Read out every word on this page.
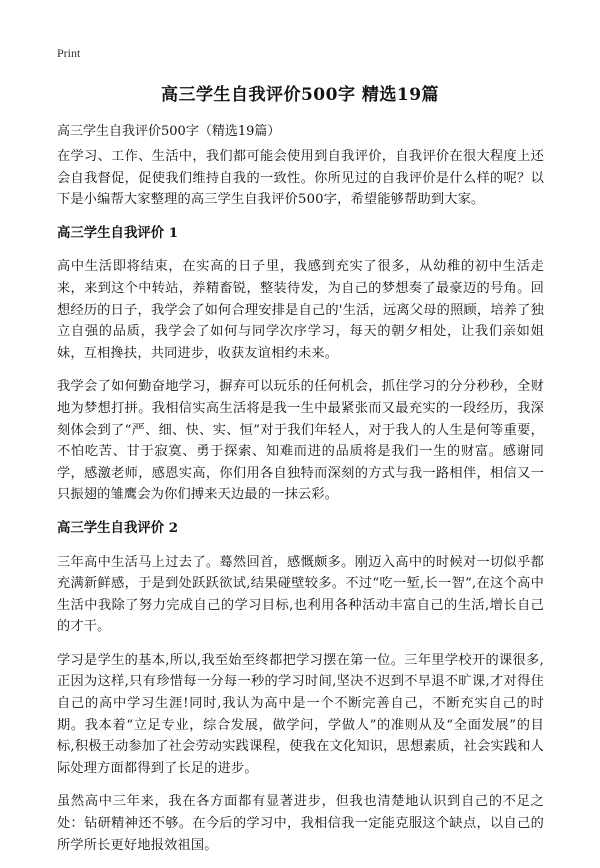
Print
高三学生自我评价500字 精选19篇

高三学生自我评价500字（精选19篇）

在学习、工作、生活中，我们都可能会使用到自我评价，自我评价在很大程度上还会自我督促，促使我们维持自我的一致性。你所见过的自我评价是什么样的呢？以下是小编帮大家整理的高三学生自我评价500字，希望能够帮助到大家。

高三学生自我评价 1

高中生活即将结束，在实高的日子里，我感到充实了很多，从幼稚的初中生活走来，来到这个中转站，养精畜锐，整装待发，为自己的梦想奏了最豪迈的号角。回想经历的日子，我学会了如何合理安排是自己的'生活，远离父母的照顾，培养了独立自强的品质，我学会了如何与同学次序学习，每天的朝夕相处，让我们亲如姐妹，互相搀扶，共同进步，收获友谊相约未来。

我学会了如何勤奋地学习，摒弃可以玩乐的任何机会，抓住学习的分分秒秒，全财地为梦想打拼。我相信实高生活将是我一生中最紧张而又最充实的一段经历，我深刻体会到了“严、细、快、实、恒”对于我们年轻人，对于我人的人生是何等重要，不怕吃苦、甘于寂寞、勇于探索、知难而进的品质将是我们一生的财富。感谢同学，感激老师，感恩实高，你们用各自独特而深刻的方式与我一路相伴，相信又一只振翅的雏鹰会为你们搏来天边最的一抹云彩。

高三学生自我评价 2

三年高中生活马上过去了。蓦然回首，感慨颇多。刚迈入高中的时候对一切似乎都充满新鲜感，于是到处跃跃欲试,结果碰壁较多。不过“吃一堑,长一智”,在这个高中生活中我除了努力完成自己的学习目标,也利用各种活动丰富自己的生活,增长自己的才干。

学习是学生的基本,所以,我至始至终都把学习摆在第一位。三年里学校开的课很多,正因为这样,只有珍惜每一分每一秒的学习时间,坚决不迟到不早退不旷课,才对得住自己的高中学习生涯!同时,我认为高中是一个不断完善自己，不断充实自己的时期。我本着“立足专业，综合发展，做学问，学做人”的准则从及“全面发展”的目标,积极王动参加了社会劳动实践课程，使我在文化知识，思想素质，社会实践和人际处理方面都得到了长足的进步。

虽然高中三年来，我在各方面都有显著进步，但我也清楚地认识到自己的不足之处：钻研精神还不够。在今后的学习中，我相信我一定能克服这个缺点，以自己的所学所长更好地报效祖国。
